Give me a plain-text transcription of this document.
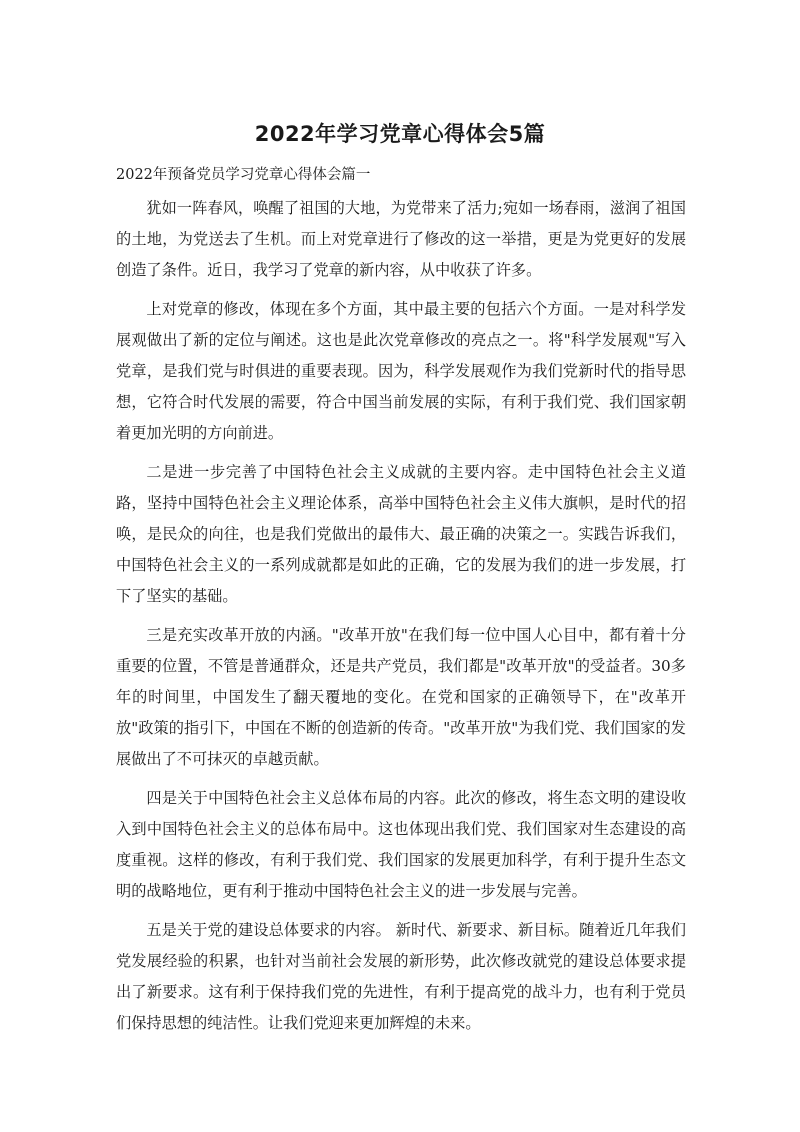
2022年学习党章心得体会5篇
2022年预备党员学习党章心得体会篇一

犹如一阵春风，唤醒了祖国的大地，为党带来了活力;宛如一场春雨，滋润了祖国的土地，为党送去了生机。而上对党章进行了修改的这一举措，更是为党更好的发展创造了条件。近日，我学习了党章的新内容，从中收获了许多。

上对党章的修改，体现在多个方面，其中最主要的包括六个方面。一是对科学发展观做出了新的定位与阐述。这也是此次党章修改的亮点之一。将"科学发展观"写入党章，是我们党与时俱进的重要表现。因为，科学发展观作为我们党新时代的指导思想，它符合时代发展的需要，符合中国当前发展的实际，有利于我们党、我们国家朝着更加光明的方向前进。

二是进一步完善了中国特色社会主义成就的主要内容。走中国特色社会主义道路，坚持中国特色社会主义理论体系，高举中国特色社会主义伟大旗帜，是时代的招唤，是民众的向往，也是我们党做出的最伟大、最正确的决策之一。实践告诉我们，中国特色社会主义的一系列成就都是如此的正确，它的发展为我们的进一步发展，打下了坚实的基础。

三是充实改革开放的内涵。"改革开放"在我们每一位中国人心目中，都有着十分重要的位置，不管是普通群众，还是共产党员，我们都是"改革开放"的受益者。30多年的时间里，中国发生了翻天覆地的变化。在党和国家的正确领导下，在"改革开放"政策的指引下，中国在不断的创造新的传奇。"改革开放"为我们党、我们国家的发展做出了不可抹灭的卓越贡献。

四是关于中国特色社会主义总体布局的内容。此次的修改，将生态文明的建设收入到中国特色社会主义的总体布局中。这也体现出我们党、我们国家对生态建设的高度重视。这样的修改，有利于我们党、我们国家的发展更加科学，有利于提升生态文明的战略地位，更有利于推动中国特色社会主义的进一步发展与完善。

五是关于党的建设总体要求的内容。 新时代、新要求、新目标。随着近几年我们党发展经验的积累，也针对当前社会发展的新形势，此次修改就党的建设总体要求提出了新要求。这有利于保持我们党的先进性，有利于提高党的战斗力，也有利于党员们保持思想的纯洁性。让我们党迎来更加辉煌的未来。
